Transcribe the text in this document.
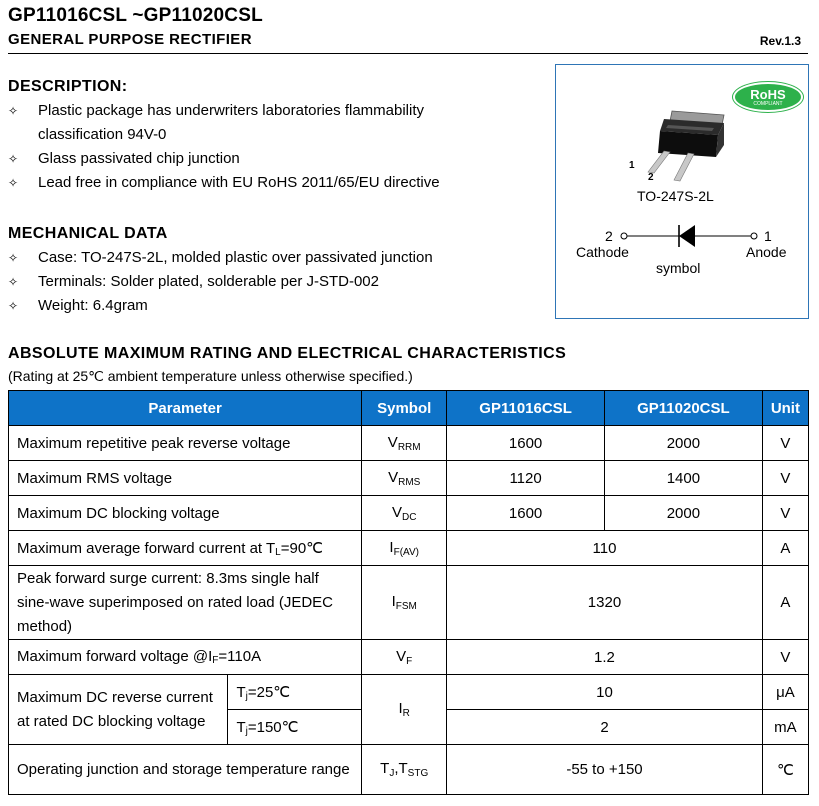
GP11016CSL ~GP11020CSL
GENERAL PURPOSE RECTIFIER	Rev.1.3
DESCRIPTION:
✧ Plastic package has underwriters laboratories flammability
classification 94V-0
✧ Glass passivated chip junction
✧ Lead free in compliance with EU RoHS 2011/65/EU directive
MECHANICAL DATA
✧ Case: TO-247S-2L, molded plastic over passivated junction
✧ Terminals: Solder plated, solderable per J-STD-002
✧ Weight: 6.4gram
RoHS
COMPLIANT
1
2
TO-247S-2L
2	1
Cathode	Anode
symbol
ABSOLUTE MAXIMUM RATING AND ELECTRICAL CHARACTERISTICS
(Rating at 25℃ ambient temperature unless otherwise specified.)
Parameter		Symbol	GP11016CSL	GP11020CSL	Unit
Maximum repetitive peak reverse voltage		$V_{RRM}$	1600	2000	V
Maximum RMS voltage		$V_{RMS}$	1120	1400	V
Maximum DC blocking voltage		$V_{DC}$	1600	2000	V
Maximum average forward current at TL=90℃		$I_{F(AV)}$	110		A
Peak forward surge current: 8.3ms single half sine-wave superimposed on rated load (JEDEC method)		$I_{FSM}$	1320		A
Maximum forward voltage @IF=110A		$V_F$	1.2		V
Maximum DC reverse current at rated DC blocking voltage	Tj=25℃	$I_R$	10		μA
	Tj=150℃		2		mA
Operating junction and storage temperature range		$T_J,T_{STG}$	-55 to +150		℃
